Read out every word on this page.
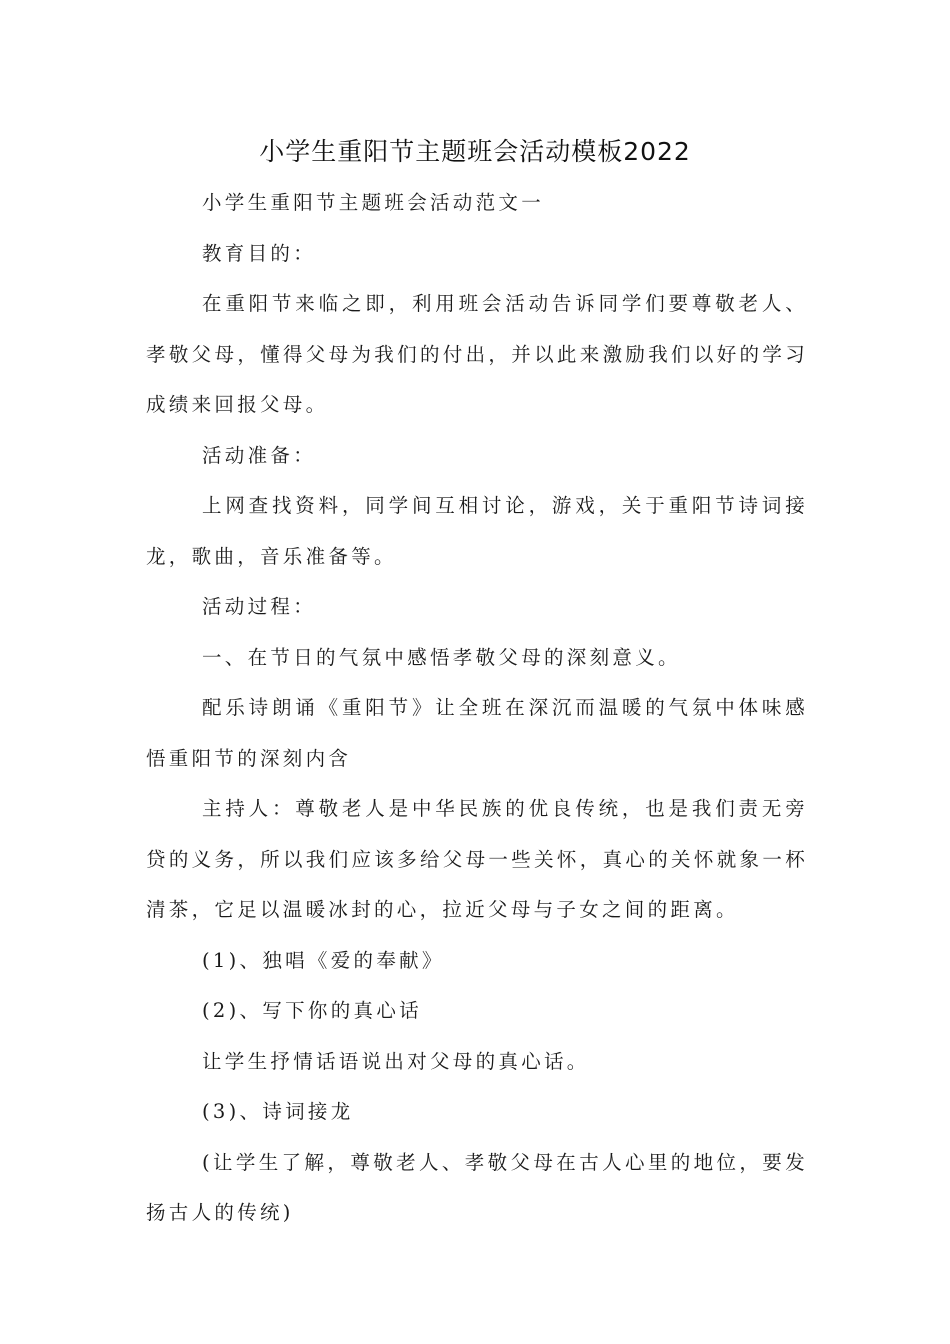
小学生重阳节主题班会活动模板2022

小学生重阳节主题班会活动范文一

教育目的：

在重阳节来临之即，利用班会活动告诉同学们要尊敬老人、孝敬父母，懂得父母为我们的付出，并以此来激励我们以好的学习成绩来回报父母。

活动准备：

上网查找资料，同学间互相讨论，游戏，关于重阳节诗词接龙，歌曲，音乐准备等。

活动过程：

一、在节日的气氛中感悟孝敬父母的深刻意义。

配乐诗朗诵《重阳节》让全班在深沉而温暖的气氛中体味感悟重阳节的深刻内含

主持人：尊敬老人是中华民族的优良传统，也是我们责无旁贷的义务，所以我们应该多给父母一些关怀，真心的关怀就象一杯清茶，它足以温暖冰封的心，拉近父母与子女之间的距离。

(1)、独唱《爱的奉献》

(2)、写下你的真心话

让学生抒情话语说出对父母的真心话。

(3)、诗词接龙

(让学生了解，尊敬老人、孝敬父母在古人心里的地位，要发扬古人的传统)
